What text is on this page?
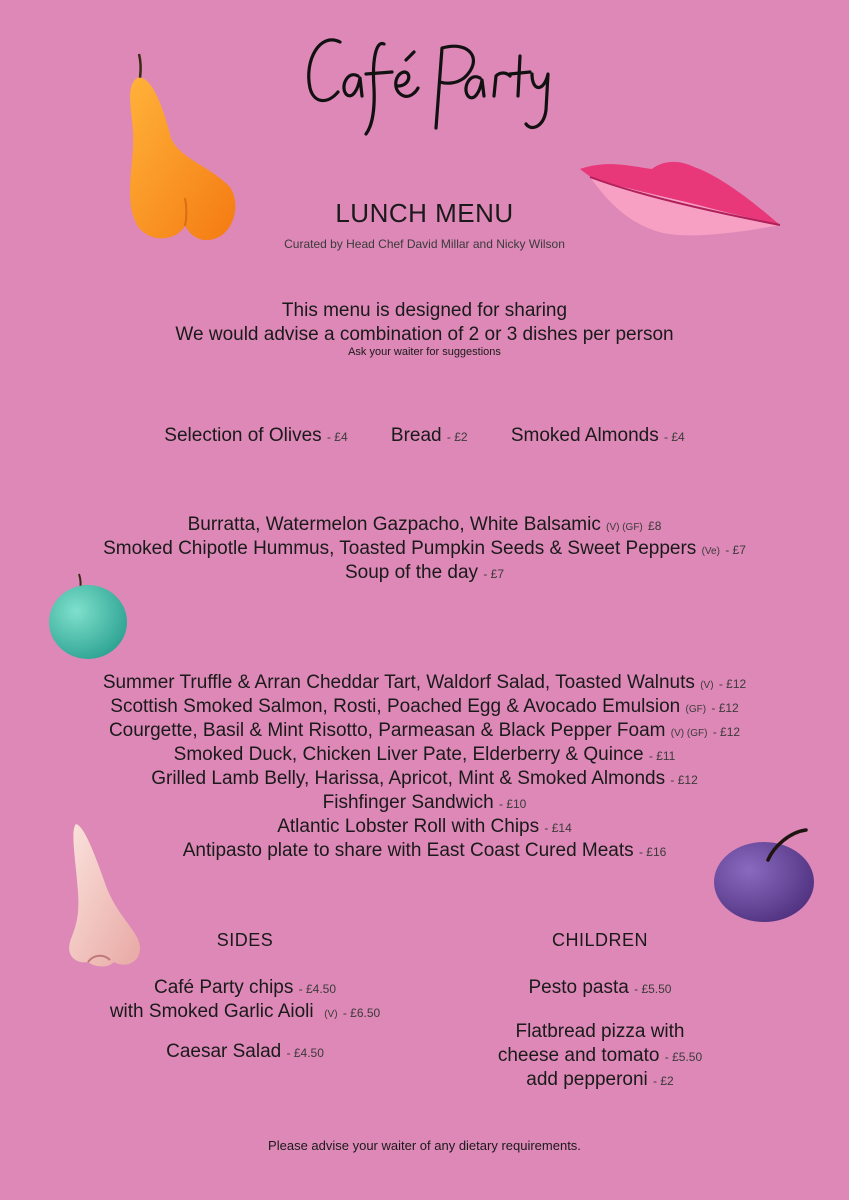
LUNCH MENU
Curated by Head Chef David Millar and Nicky Wilson
This menu is designed for sharing
We would advise a combination of 2 or 3 dishes per person
Ask your waiter for suggestions
Selection of Olives - £4 Bread - £2 Smoked Almonds - £4
Burratta, Watermelon Gazpacho, White Balsamic (V) (GF) £8
Smoked Chipotle Hummus, Toasted Pumpkin Seeds & Sweet Peppers (Ve) - £7
Soup of the day - £7
Summer Truffle & Arran Cheddar Tart, Waldorf Salad, Toasted Walnuts (V) - £12
Scottish Smoked Salmon, Rosti, Poached Egg & Avocado Emulsion (GF) - £12
Courgette, Basil & Mint Risotto, Parmeasan & Black Pepper Foam (V) (GF) - £12
Smoked Duck, Chicken Liver Pate, Elderberry & Quince - £11
Grilled Lamb Belly, Harissa, Apricot, Mint & Smoked Almonds - £12
Fishfinger Sandwich - £10
Atlantic Lobster Roll with Chips - £14
Antipasto plate to share with East Coast Cured Meats - £16
SIDES
Café Party chips - £4.50
with Smoked Garlic Aioli (V) - £6.50
Caesar Salad - £4.50
CHILDREN
Pesto pasta - £5.50
Flatbread pizza with
cheese and tomato - £5.50
add pepperoni - £2
Please advise your waiter of any dietary requirements.
